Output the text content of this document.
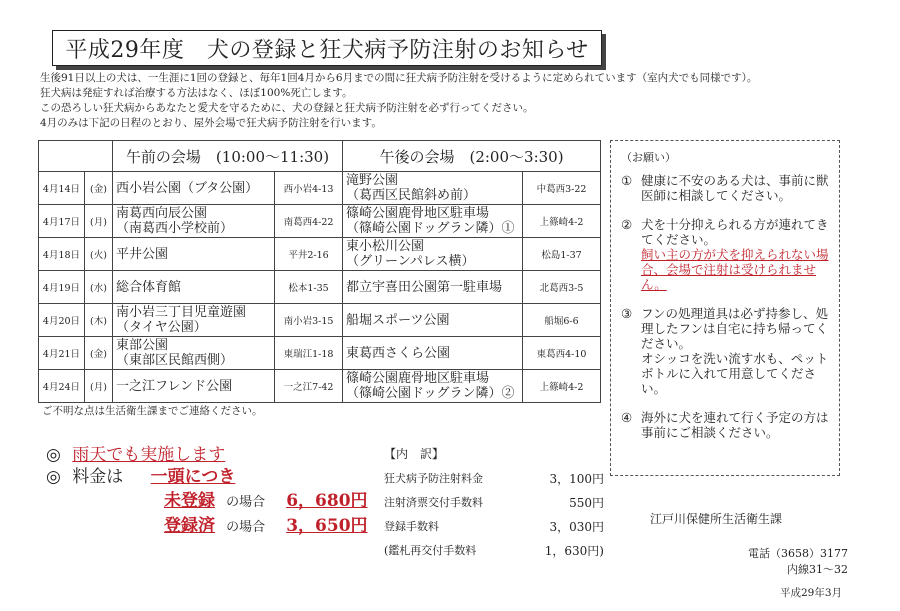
平成29年度　犬の登録と狂犬病予防注射のお知らせ
生後91日以上の犬は、一生涯に1回の登録と、毎年1回4月から6月までの間に狂犬病予防注射を受けるように定められています（室内犬でも同様です）。
狂犬病は発症すれば治療する方法はなく、ほぼ100%死亡します。
この恐ろしい狂犬病からあなたと愛犬を守るために、犬の登録と狂犬病予防注射を必ず行ってください。
4月のみは下記の日程のとおり、屋外会場で狂犬病予防注射を行います。
		午前の会場　(10:00〜11:30)		午後の会場　(2:00〜3:30)	
4月14日	(金)	西小岩公園（ブタ公園）	西小岩4-13	滝野公園
（葛西区民館斜め前）	中葛西3-22
4月17日	(月)	南葛西向辰公園
（南葛西小学校前）	南葛西4-22	篠崎公園鹿骨地区駐車場
（篠崎公園ドッグラン隣）①	上篠崎4-2
4月18日	(火)	平井公園	平井2-16	東小松川公園
（グリーンパレス横）	松島1-37
4月19日	(水)	総合体育館	松本1-35	都立宇喜田公園第一駐車場	北葛西3-5
4月20日	(木)	南小岩三丁目児童遊園
（タイヤ公園）	南小岩3-15	船堀スポーツ公園	船堀6-6
4月21日	(金)	東部公園
（東部区民館西側）	東瑞江1-18	東葛西さくら公園	東葛西4-10
4月24日	(月)	一之江フレンド公園	一之江7-42	篠崎公園鹿骨地区駐車場
（篠崎公園ドッグラン隣）②	上篠崎4-2
ご不明な点は生活衛生課までご連絡ください。
（お願い）
① 健康に不安のある犬は、事前に獣医師に相談してください。
② 犬を十分抑えられる方が連れてきてください。
飼い主の方が犬を抑えられない場合、会場で注射は受けられません。
③ フンの処理道具は必ず持参し、処理したフンは自宅に持ち帰ってください。
オシッコを洗い流す水も、ペットボトルに入れて用意してください。
④ 海外に犬を連れて行く予定の方は事前にご相談ください。
◎ 雨天でも実施します
◎ 料金は 一頭につき
未登録 の場合 6，680円
登録済 の場合 3，650円
【内　訳】
狂犬病予防注射料金	3，100円
注射済票交付手数料	550円
登録手数料	3，030円
(鑑札再交付手数料	1，630円)
江戸川保健所生活衛生課
電話（3658）3177
内線31〜32
平成29年3月
